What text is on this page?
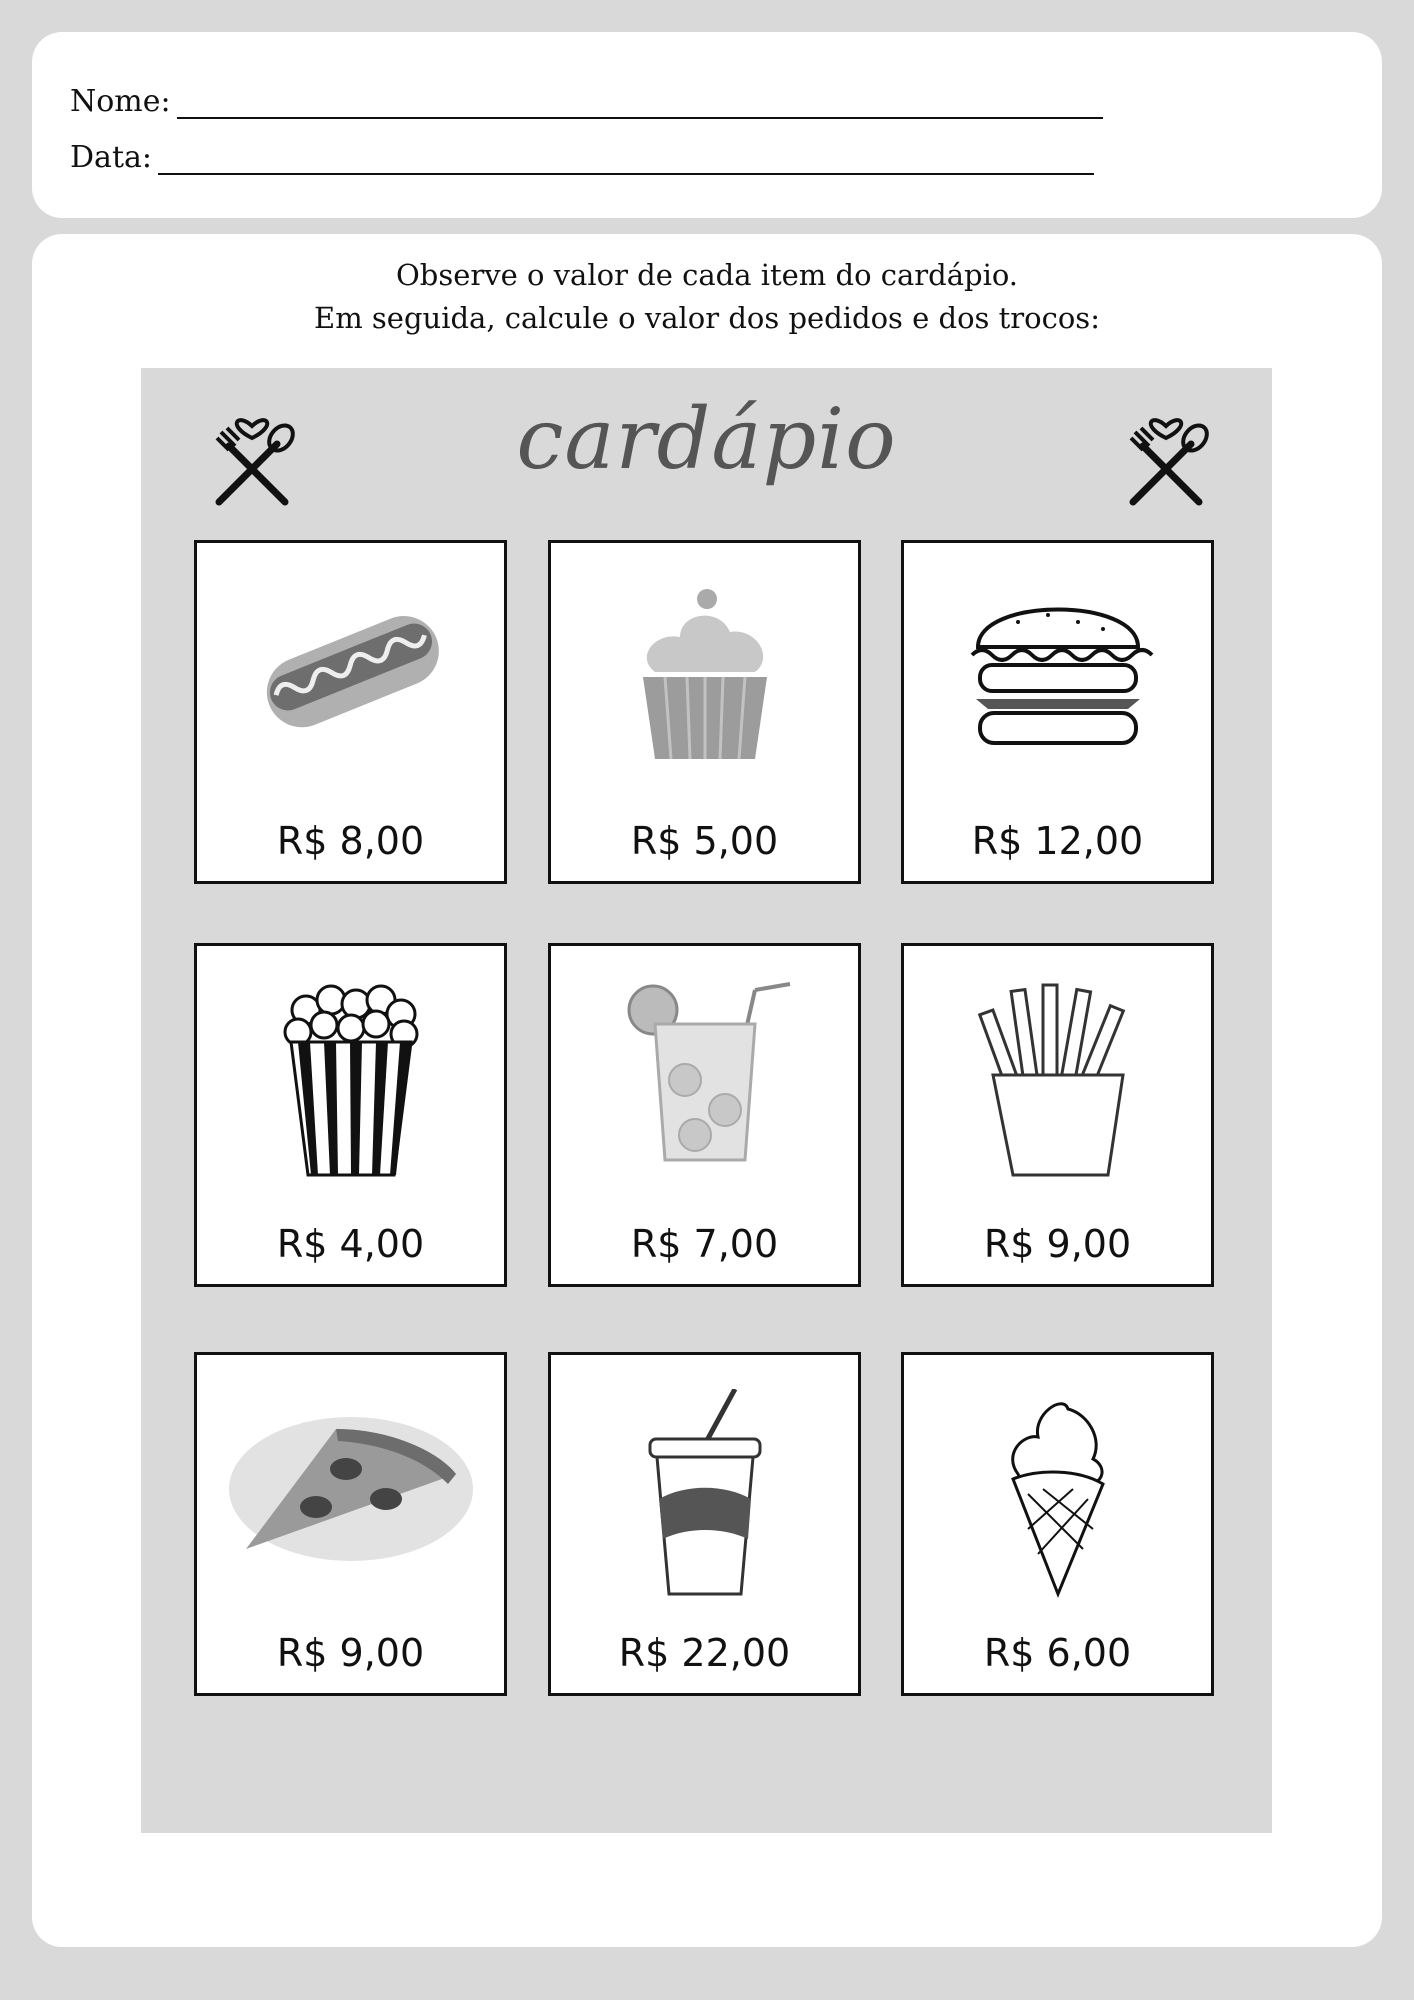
Nome:
Data:
Observe o valor de cada item do cardápio.
Em seguida, calcule o valor dos pedidos e dos trocos:
cardápio
R$ 8,00	R$ 5,00	R$ 12,00
R$ 4,00	R$ 7,00	R$ 9,00
R$ 9,00	R$ 22,00	R$ 6,00
